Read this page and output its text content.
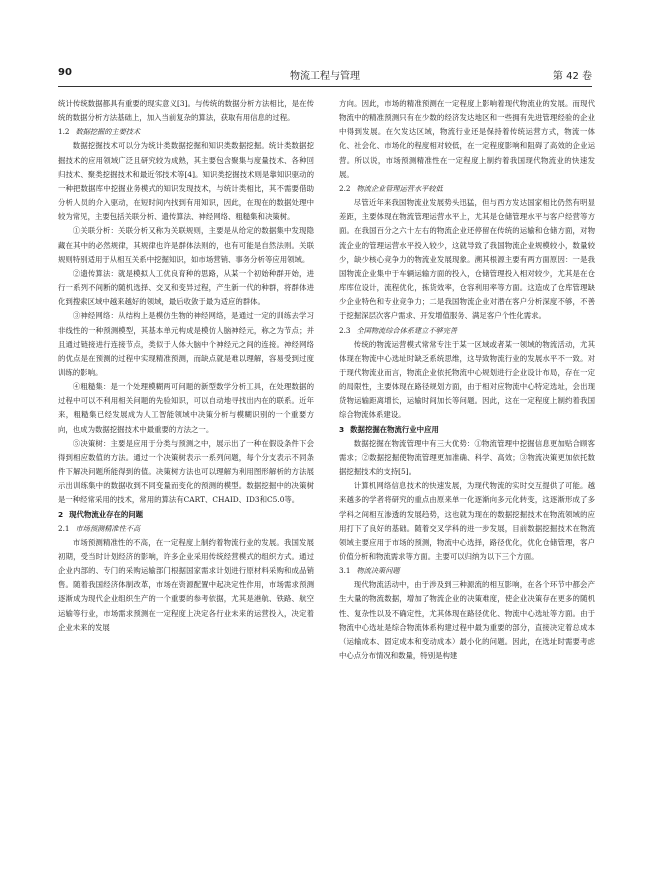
90	物流工程与管理	第 42 卷

统计传统数据都具有重要的现实意义[3]。与传统的数据分析方法相比，是在传统的数据分析方法基础上，加入当前复杂的算法，获取有用信息的过程。

1.2 数据挖掘的主要技术

数据挖掘技术可以分为统计类数据挖掘和知识类数据挖掘。统计类数据挖掘技术的应用领域广泛且研究较为成熟，其主要包含聚集与度量技术、各种回归技术、聚类挖掘技术和最近邻技术等[4]。知识类挖掘技术则是靠知识驱动的一种把数据库中挖掘业务模式的知识发现技术，与统计类相比，其不需要借助分析人员的介入驱动，在短时间内找到有用知识，因此，在现在的数据处理中较为常见，主要包括关联分析、遗传算法、神经网络、粗糙集和决策树。

①关联分析：关联分析又称为关联规则，主要是从给定的数据集中发现隐藏在其中的必然规律，其规律也许是群体法则的，也有可能是自然法则。关联规则特别适用于从相互关系中挖掘知识，如市场营销、事务分析等应用领域。

②遗传算法：就是模拟人工优良育种的思路，从某一个初始种群开始，进行一系列不间断的随机选择、交叉和变异过程，产生新一代的种群，将群体进化到搜索区域中越来越好的领域，最后收敛于最为适应的群体。

③神经网络：从结构上是模仿生物的神经网络，是通过一定的训练去学习非线性的一种预测模型，其基本单元构成是模仿人脑神经元，称之为节点；并且通过链接进行连接节点，类似于人体大脑中个神经元之间的连接。神经网络的优点是在预测的过程中实现精准预测，而缺点就是难以理解，容易受到过度训练的影响。

④粗糙集：是一个处理模糊两可问题的新型数学分析工具，在处理数据的过程中可以不利用相关问题的先验知识，可以自动地寻找出内在的联系。近年来，粗糙集已经发展成为人工智能领域中决策分析与模糊识别的一个重要方向，也成为数据挖掘技术中最重要的方法之一。

⑤决策树：主要是应用于分类与预测之中，展示出了一种在假设条件下会得到相应数值的方法。通过一个决策树表示一系列问题，每个分支表示不同条件下解决问题所能得到的值。决策树方法也可以理解为利用图形解析的方法展示出训练集中的数据收到不同变量而变化的预测的模型。数据挖掘中的决策树是一种经常采用的技术，常用的算法有CART、CHAID、ID3和C5.0等。

2 现代物流业存在的问题
2.1 市场预测精准性不高

市场预测精准性的不高，在一定程度上制约着物流行业的发展。我国发展初期，受当时计划经济的影响，许多企业采用传统经营模式的组织方式。通过企业内部的、专门的采购运输部门根据国家需求计划进行原材料采购和成品销售。随着我国经济体制改革，市场在资源配置中起决定性作用，市场需求预测逐渐成为现代企业组织生产的一个重要的参考依据，尤其是港航、铁路、航空运输等行业，市场需求预测在一定程度上决定各行业未来的运营投入，决定着企业未来的发展

方向。因此，市场的精准预测在一定程度上影响着现代物流业的发展。而现代物流中的精准预测只有在少数的经济发达地区和一些拥有先进管理经验的企业中得到发展。在欠发达区域，物流行业还是保持着传统运营方式，物流一体化、社会化、市场化的程度相对较低，在一定程度影响和阻碍了高效的企业运营。所以说，市场预测精准性在一定程度上制约着我国现代物流业的快速发展。

2.2 物流企业管理运营水平较低

尽管近年来我国物流业发展势头迅猛，但与西方发达国家相比仍然有明显差距，主要体现在物流管理运营水平上，尤其是仓储管理水平与客户经营等方面。在我国百分之六十左右的物流企业还停留在传统的运输和仓储方面，对物流企业的管理运营水平投入较少，这就导致了我国物流企业规模较小，数量较少，缺少核心竞争力的物流业发展现象。溯其根源主要有两方面原因：一是我国物流企业集中于车辆运输方面的投入，仓储管理投入相对较少，尤其是在仓库库位设计，流程优化，拣货效率，仓容利用率等方面。这造成了仓库管理缺少企业特色和专业竞争力；二是我国物流企业对潜在客户分析深度不够，不善于挖掘深层次客户需求、开发增值服务、满足客户个性化需求。

2.3 全国物流综合体系建立不够完善

传统的物流运营模式常常专注于某一区域或者某一领域的物流活动，尤其体现在物流中心选址时缺乏系统思维，这导致物流行业的发展水平不一致。对于现代物流业而言，物流企业依托物流中心规划进行企业设计布局，存在一定的局限性，主要体现在路径规划方面，由于相对应物流中心特定选址，会出现货物运输距离增长，运输时间加长等问题。因此，这在一定程度上制约着我国综合物流体系建设。

3 数据挖掘在物流行业中应用

数据挖掘在物流管理中有三大优势：①物流管理中挖掘信息更加贴合顾客需求；②数据挖掘使物流管理更加准确、科学、高效；③物流决策更加依托数据挖掘技术的支持[5]。

计算机网络信息技术的快速发展，为现代物流的实时交互提供了可能。越来越多的学者将研究的重点由原来单一化逐渐向多元化转变，这逐渐形成了多学科之间相互渗透的发展趋势，这也就为现在的数据挖掘技术在物流领域的应用打下了良好的基础。随着交叉学科的进一步发展，目前数据挖掘技术在物流领域主要应用于市场的预测，物流中心选择，路径优化，优化仓储管理，客户价值分析和物流需求等方面。主要可以归纳为以下三个方面。

3.1 物流决策问题

现代物流活动中，由于涉及到三种源流的相互影响，在各个环节中都会产生大量的物流数据，增加了物流企业的决策难度，使企业决策存在更多的随机性、复杂性以及不确定性，尤其体现在路径优化、物流中心选址等方面。由于物流中心选址是综合物流体系构建过程中最为重要的部分，直接决定着总成本（运输成本、固定成本和变动成本）最小化的问题。因此，在选址时需要考虑中心点分布情况和数量，特别是构建
